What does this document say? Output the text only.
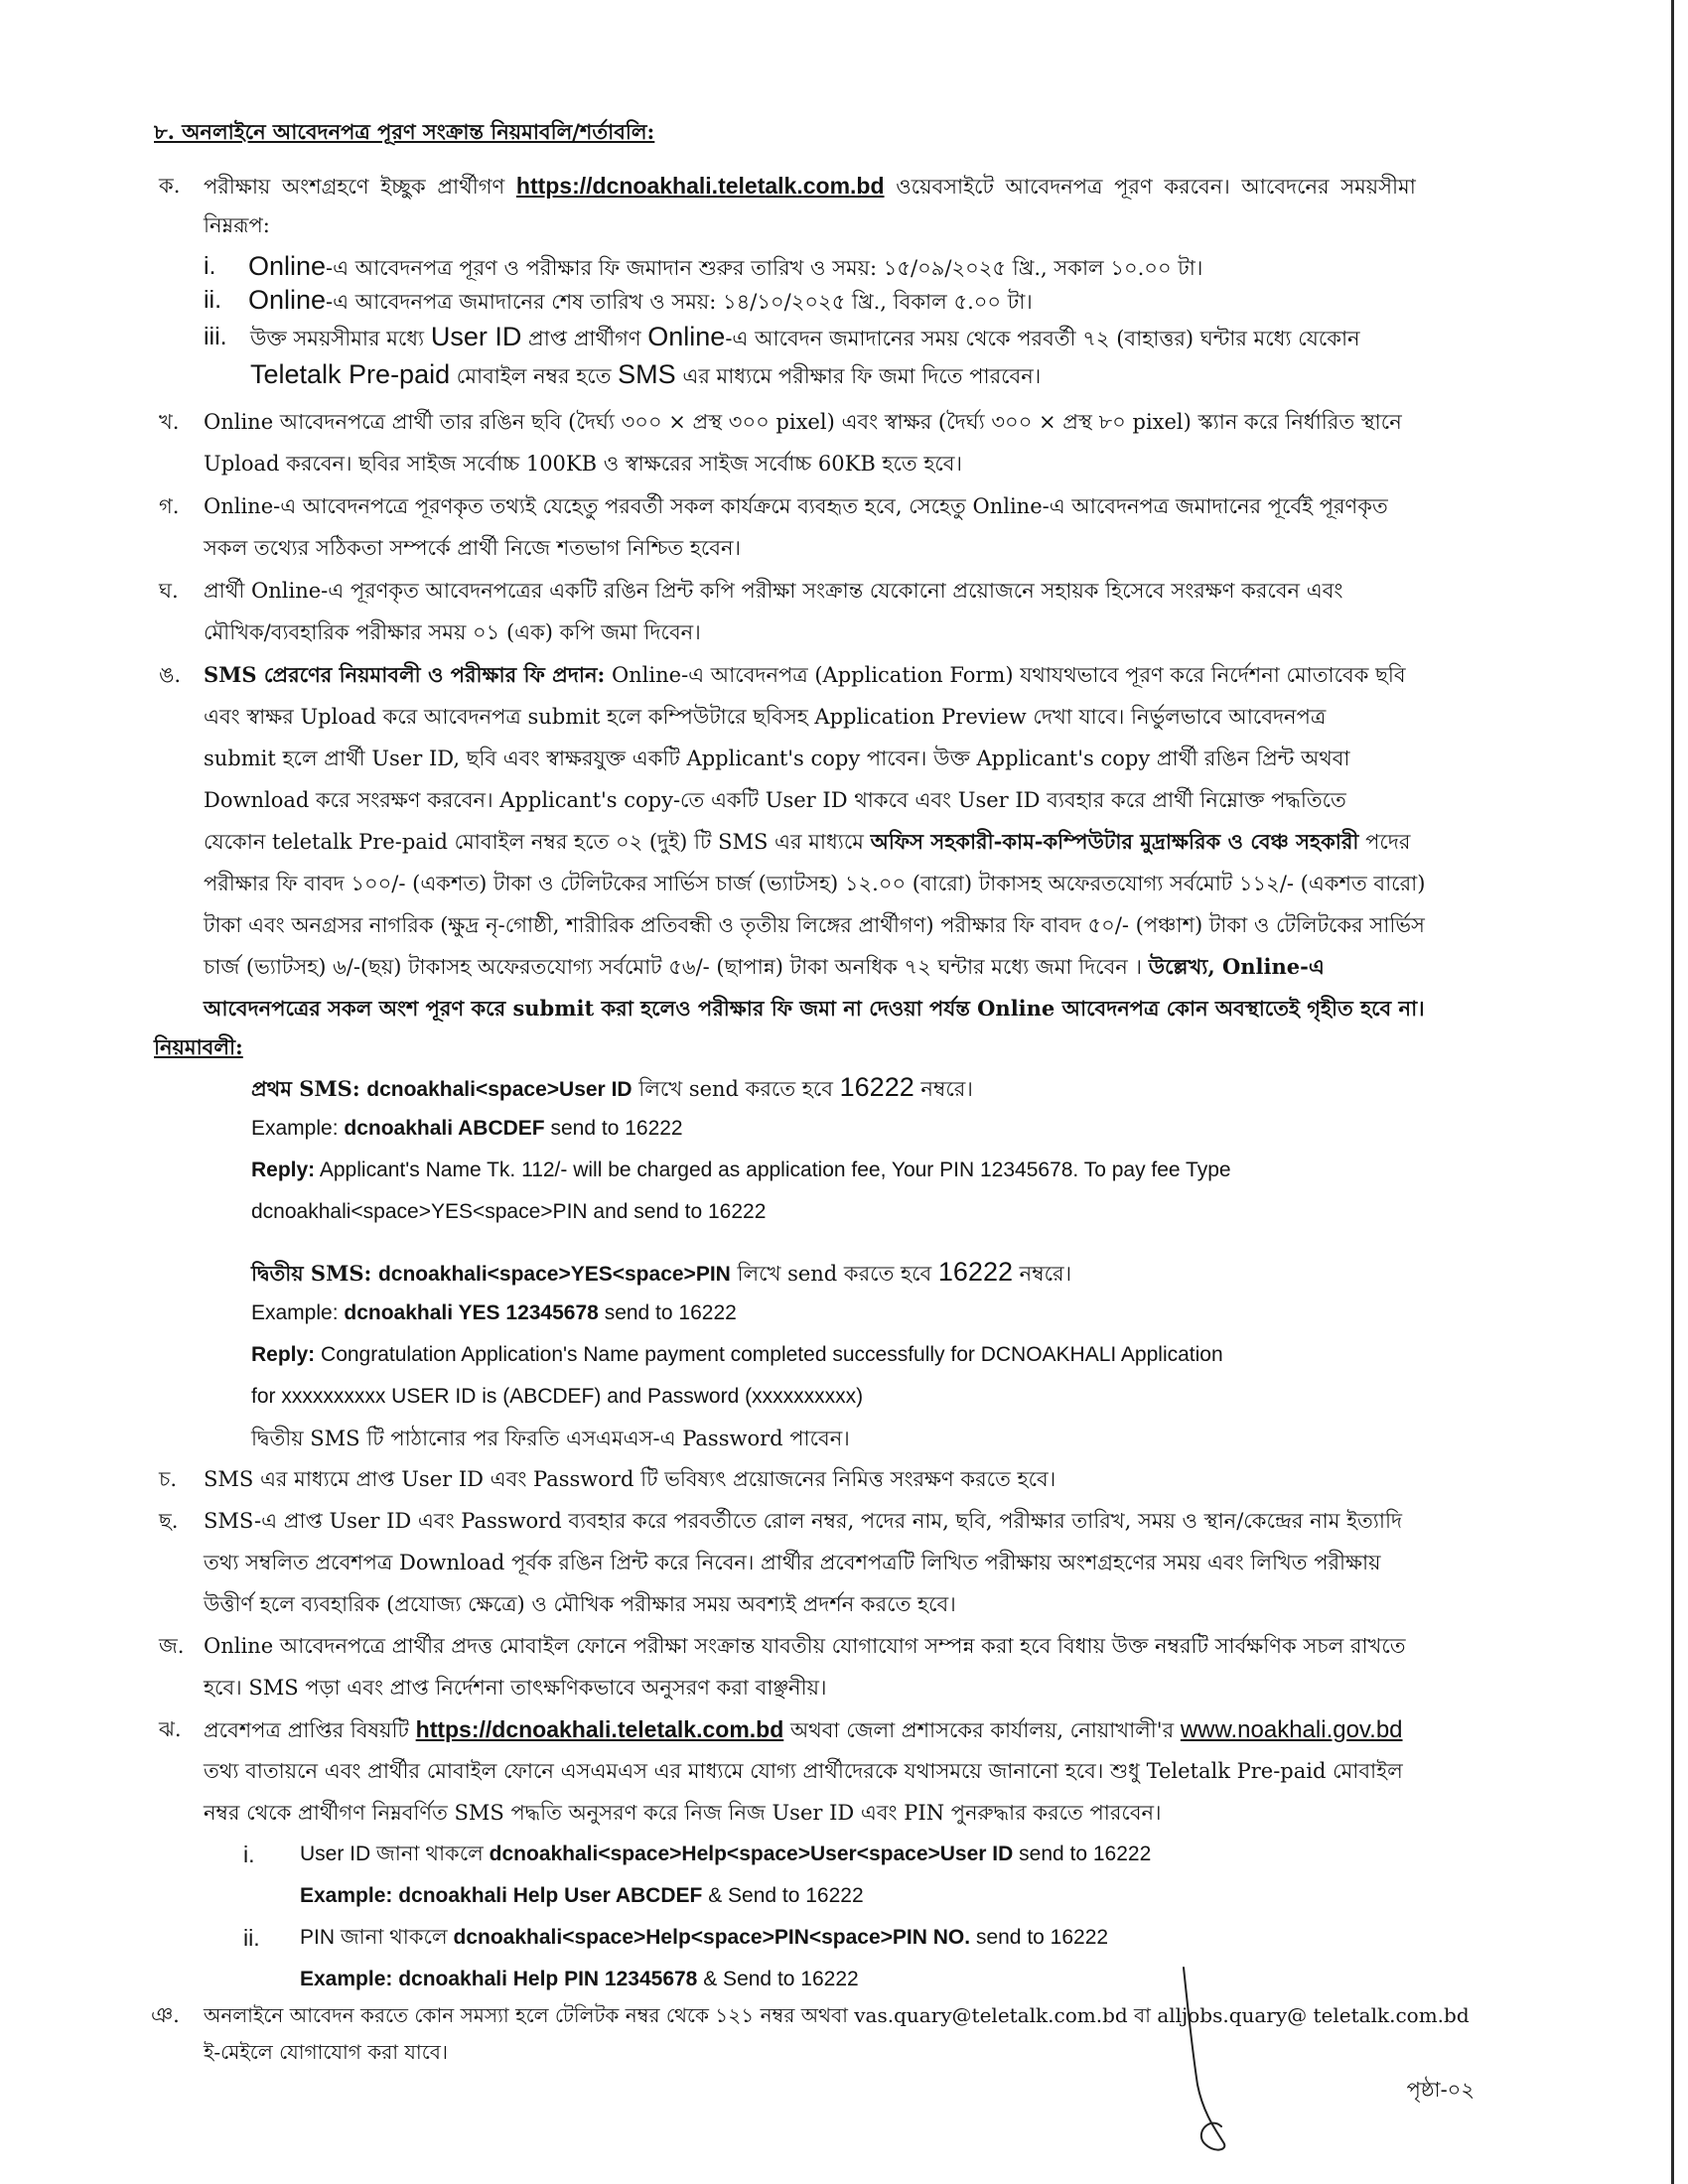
৮. অনলাইনে আবেদনপত্র পূরণ সংক্রান্ত নিয়মাবলি/শর্তাবলি:
ক. পরীক্ষায় অংশগ্রহণে ইচ্ছুক প্রার্থীগণ https://dcnoakhali.teletalk.com.bd ওয়েবসাইটে আবেদনপত্র পূরণ করবেন। আবেদনের সময়সীমা
নিম্নরূপ:
i. Online-এ আবেদনপত্র পূরণ ও পরীক্ষার ফি জমাদান শুরুর তারিখ ও সময়: ১৫/০৯/২০২৫ খ্রি., সকাল ১০.০০ টা।
ii. Online-এ আবেদনপত্র জমাদানের শেষ তারিখ ও সময়: ১৪/১০/২০২৫ খ্রি., বিকাল ৫.০০ টা।
iii. উক্ত সময়সীমার মধ্যে User ID প্রাপ্ত প্রার্থীগণ Online-এ আবেদন জমাদানের সময় থেকে পরবর্তী ৭২ (বাহাত্তর) ঘন্টার মধ্যে যেকোন
Teletalk Pre-paid মোবাইল নম্বর হতে SMS এর মাধ্যমে পরীক্ষার ফি জমা দিতে পারবেন।
খ. Online আবেদনপত্রে প্রার্থী তার রঙিন ছবি (দৈর্ঘ্য ৩০০ × প্রস্থ ৩০০ pixel) এবং স্বাক্ষর (দৈর্ঘ্য ৩০০ × প্রস্থ ৮০ pixel) স্ক্যান করে নির্ধারিত স্থানে
Upload করবেন। ছবির সাইজ সর্বোচ্চ 100KB ও স্বাক্ষরের সাইজ সর্বোচ্চ 60KB হতে হবে।
গ. Online-এ আবেদনপত্রে পূরণকৃত তথ্যই যেহেতু পরবর্তী সকল কার্যক্রমে ব্যবহৃত হবে, সেহেতু Online-এ আবেদনপত্র জমাদানের পূর্বেই পূরণকৃত
সকল তথ্যের সঠিকতা সম্পর্কে প্রার্থী নিজে শতভাগ নিশ্চিত হবেন।
ঘ. প্রার্থী Online-এ পূরণকৃত আবেদনপত্রের একটি রঙিন প্রিন্ট কপি পরীক্ষা সংক্রান্ত যেকোনো প্রয়োজনে সহায়ক হিসেবে সংরক্ষণ করবেন এবং
মৌখিক/ব্যবহারিক পরীক্ষার সময় ০১ (এক) কপি জমা দিবেন।
ঙ. SMS প্রেরণের নিয়মাবলী ও পরীক্ষার ফি প্রদান: Online-এ আবেদনপত্র (Application Form) যথাযথভাবে পূরণ করে নির্দেশনা মোতাবেক ছবি
এবং স্বাক্ষর Upload করে আবেদনপত্র submit হলে কম্পিউটারে ছবিসহ Application Preview দেখা যাবে। নির্ভুলভাবে আবেদনপত্র
submit হলে প্রার্থী User ID, ছবি এবং স্বাক্ষরযুক্ত একটি Applicant's copy পাবেন। উক্ত Applicant's copy প্রার্থী রঙিন প্রিন্ট অথবা
Download করে সংরক্ষণ করবেন। Applicant's copy-তে একটি User ID থাকবে এবং User ID ব্যবহার করে প্রার্থী নিম্নোক্ত পদ্ধতিতে
যেকোন teletalk Pre-paid মোবাইল নম্বর হতে ০২ (দুই) টি SMS এর মাধ্যমে অফিস সহকারী-কাম-কম্পিউটার মুদ্রাক্ষরিক ও বেঞ্চ সহকারী পদের
পরীক্ষার ফি বাবদ ১০০/- (একশত) টাকা ও টেলিটকের সার্ভিস চার্জ (ভ্যাটসহ) ১২.০০ (বারো) টাকাসহ অফেরতযোগ্য সর্বমোট ১১২/- (একশত বারো)
টাকা এবং অনগ্রসর নাগরিক (ক্ষুদ্র নৃ-গোষ্ঠী, শারীরিক প্রতিবন্ধী ও তৃতীয় লিঙ্গের প্রার্থীগণ) পরীক্ষার ফি বাবদ ৫০/- (পঞ্চাশ) টাকা ও টেলিটকের সার্ভিস
চার্জ (ভ্যাটসহ) ৬/-(ছয়) টাকাসহ অফেরতযোগ্য সর্বমোট ৫৬/- (ছাপান্ন) টাকা অনধিক ৭২ ঘন্টার মধ্যে জমা দিবেন । উল্লেখ্য, Online-এ
আবেদনপত্রের সকল অংশ পূরণ করে submit করা হলেও পরীক্ষার ফি জমা না দেওয়া পর্যন্ত Online আবেদনপত্র কোন অবস্থাতেই গৃহীত হবে না।
নিয়মাবলী:
প্রথম SMS: dcnoakhali<space>User ID লিখে send করতে হবে 16222 নম্বরে।
Example: dcnoakhali ABCDEF send to 16222
Reply: Applicant's Name Tk. 112/- will be charged as application fee, Your PIN 12345678. To pay fee Type
dcnoakhali<space>YES<space>PIN and send to 16222
দ্বিতীয় SMS: dcnoakhali<space>YES<space>PIN লিখে send করতে হবে 16222 নম্বরে।
Example: dcnoakhali YES 12345678 send to 16222
Reply: Congratulation Application's Name payment completed successfully for DCNOAKHALI Application
for xxxxxxxxxx USER ID is (ABCDEF) and Password (xxxxxxxxxx)
দ্বিতীয় SMS টি পাঠানোর পর ফিরতি এসএমএস-এ Password পাবেন।
চ. SMS এর মাধ্যমে প্রাপ্ত User ID এবং Password টি ভবিষ্যৎ প্রয়োজনের নিমিত্ত সংরক্ষণ করতে হবে।
ছ. SMS-এ প্রাপ্ত User ID এবং Password ব্যবহার করে পরবর্তীতে রোল নম্বর, পদের নাম, ছবি, পরীক্ষার তারিখ, সময় ও স্থান/কেন্দ্রের নাম ইত্যাদি
তথ্য সম্বলিত প্রবেশপত্র Download পূর্বক রঙিন প্রিন্ট করে নিবেন। প্রার্থীর প্রবেশপত্রটি লিখিত পরীক্ষায় অংশগ্রহণের সময় এবং লিখিত পরীক্ষায়
উত্তীর্ণ হলে ব্যবহারিক (প্রযোজ্য ক্ষেত্রে) ও মৌখিক পরীক্ষার সময় অবশ্যই প্রদর্শন করতে হবে।
জ. Online আবেদনপত্রে প্রার্থীর প্রদত্ত মোবাইল ফোনে পরীক্ষা সংক্রান্ত যাবতীয় যোগাযোগ সম্পন্ন করা হবে বিধায় উক্ত নম্বরটি সার্বক্ষণিক সচল রাখতে
হবে। SMS পড়া এবং প্রাপ্ত নির্দেশনা তাৎক্ষণিকভাবে অনুসরণ করা বাঞ্ছনীয়।
ঝ. প্রবেশপত্র প্রাপ্তির বিষয়টি https://dcnoakhali.teletalk.com.bd অথবা জেলা প্রশাসকের কার্যালয়, নোয়াখালী'র www.noakhali.gov.bd
তথ্য বাতায়নে এবং প্রার্থীর মোবাইল ফোনে এসএমএস এর মাধ্যমে যোগ্য প্রার্থীদেরকে যথাসময়ে জানানো হবে। শুধু Teletalk Pre-paid মোবাইল
নম্বর থেকে প্রার্থীগণ নিম্নবর্ণিত SMS পদ্ধতি অনুসরণ করে নিজ নিজ User ID এবং PIN পুনরুদ্ধার করতে পারবেন।
i. User ID জানা থাকলে dcnoakhali<space>Help<space>User<space>User ID send to 16222
Example: dcnoakhali Help User ABCDEF & Send to 16222
ii. PIN জানা থাকলে dcnoakhali<space>Help<space>PIN<space>PIN NO. send to 16222
Example: dcnoakhali Help PIN 12345678 & Send to 16222
ঞ. অনলাইনে আবেদন করতে কোন সমস্যা হলে টেলিটক নম্বর থেকে ১২১ নম্বর অথবা vas.quary@teletalk.com.bd বা alljobs.quary@ teletalk.com.bd
ই-মেইলে যোগাযোগ করা যাবে।
পৃষ্ঠা-০২
